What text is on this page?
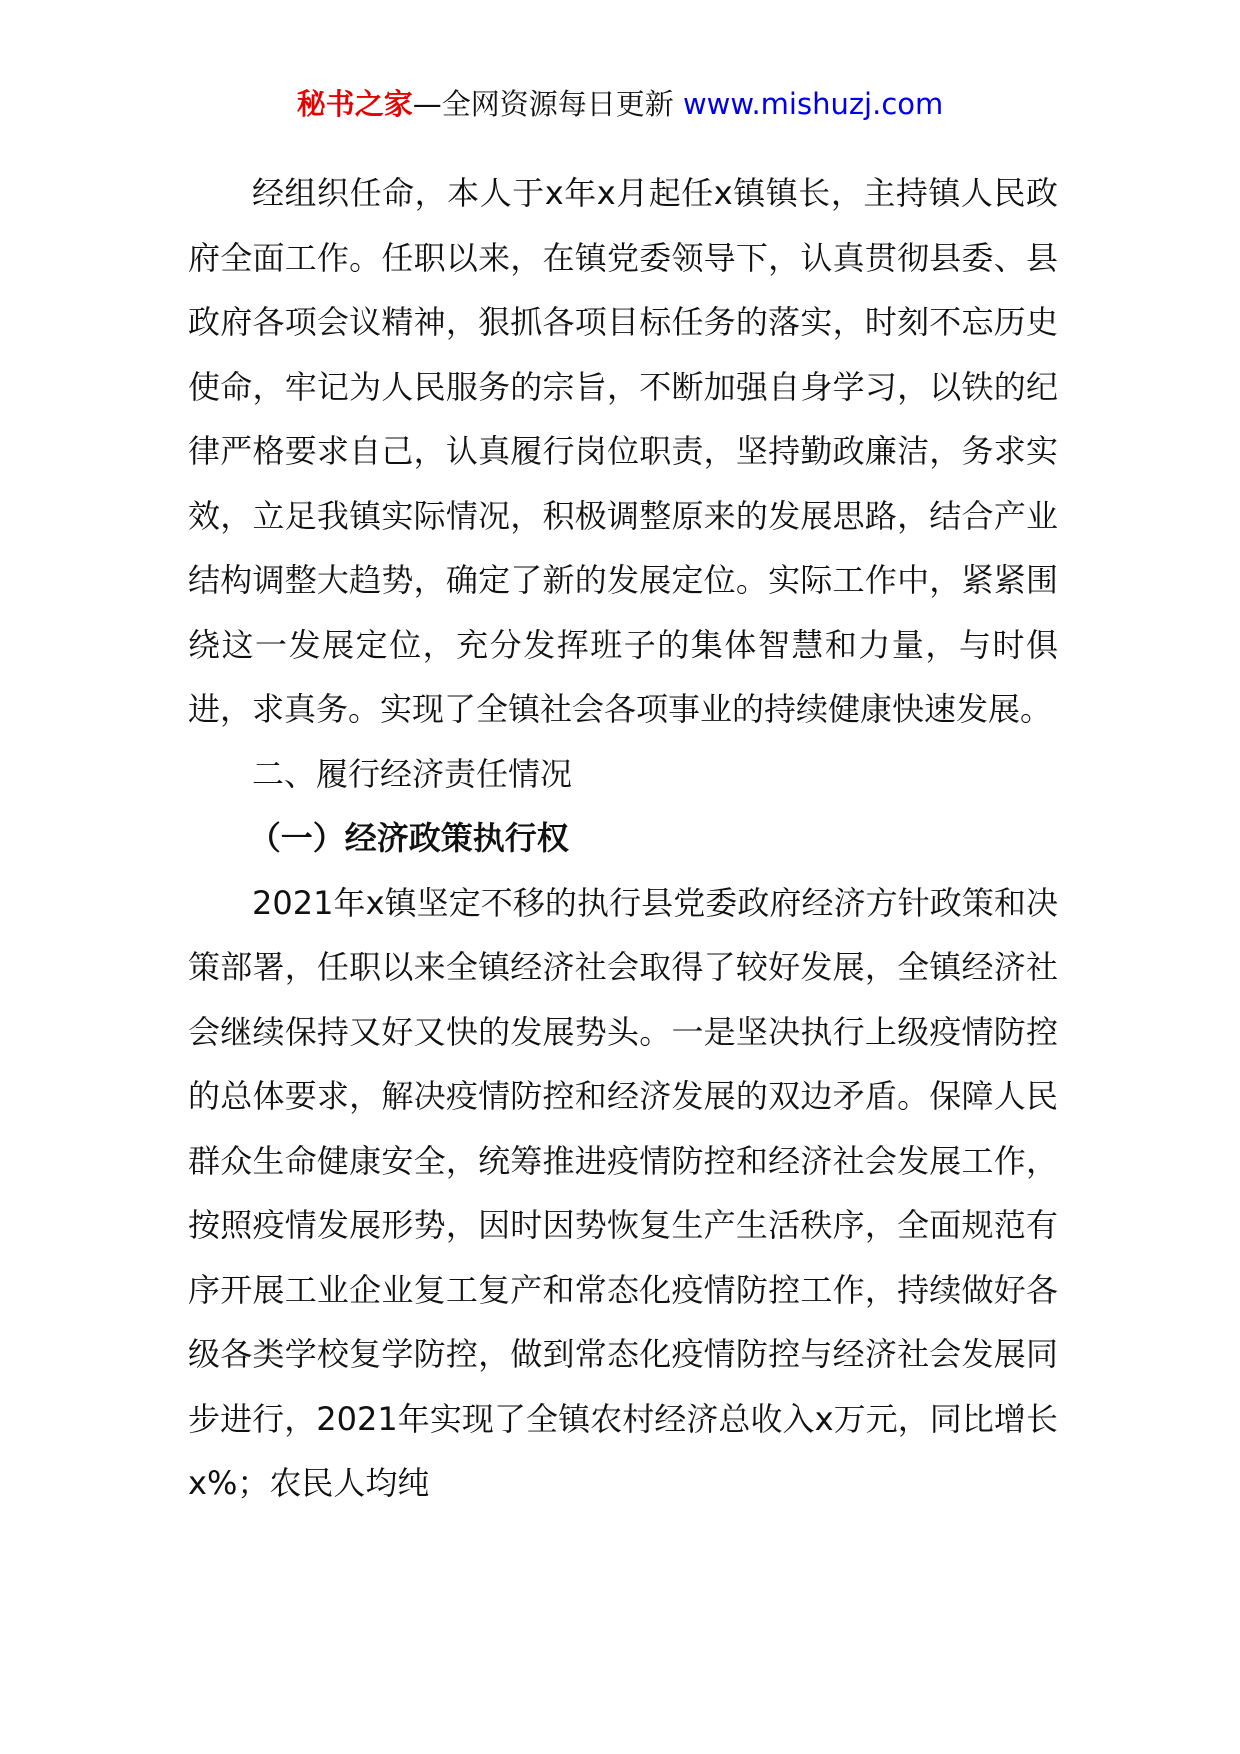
秘书之家—全网资源每日更新 www.mishuzj.com

经组织任命，本人于x年x月起任x镇镇长，主持镇人民政府全面工作。任职以来，在镇党委领导下，认真贯彻县委、县政府各项会议精神，狠抓各项目标任务的落实，时刻不忘历史使命，牢记为人民服务的宗旨，不断加强自身学习，以铁的纪律严格要求自己，认真履行岗位职责，坚持勤政廉洁，务求实效，立足我镇实际情况，积极调整原来的发展思路，结合产业结构调整大趋势，确定了新的发展定位。实际工作中，紧紧围绕这一发展定位，充分发挥班子的集体智慧和力量，与时俱进，求真务。实现了全镇社会各项事业的持续健康快速发展。

二、履行经济责任情况

（一）经济政策执行权

2021年x镇坚定不移的执行县党委政府经济方针政策和决策部署，任职以来全镇经济社会取得了较好发展，全镇经济社会继续保持又好又快的发展势头。一是坚决执行上级疫情防控的总体要求，解决疫情防控和经济发展的双边矛盾。保障人民群众生命健康安全，统筹推进疫情防控和经济社会发展工作，按照疫情发展形势，因时因势恢复生产生活秩序，全面规范有序开展工业企业复工复产和常态化疫情防控工作，持续做好各级各类学校复学防控，做到常态化疫情防控与经济社会发展同步进行，2021年实现了全镇农村经济总收入x万元，同比增长x%；农民人均纯
